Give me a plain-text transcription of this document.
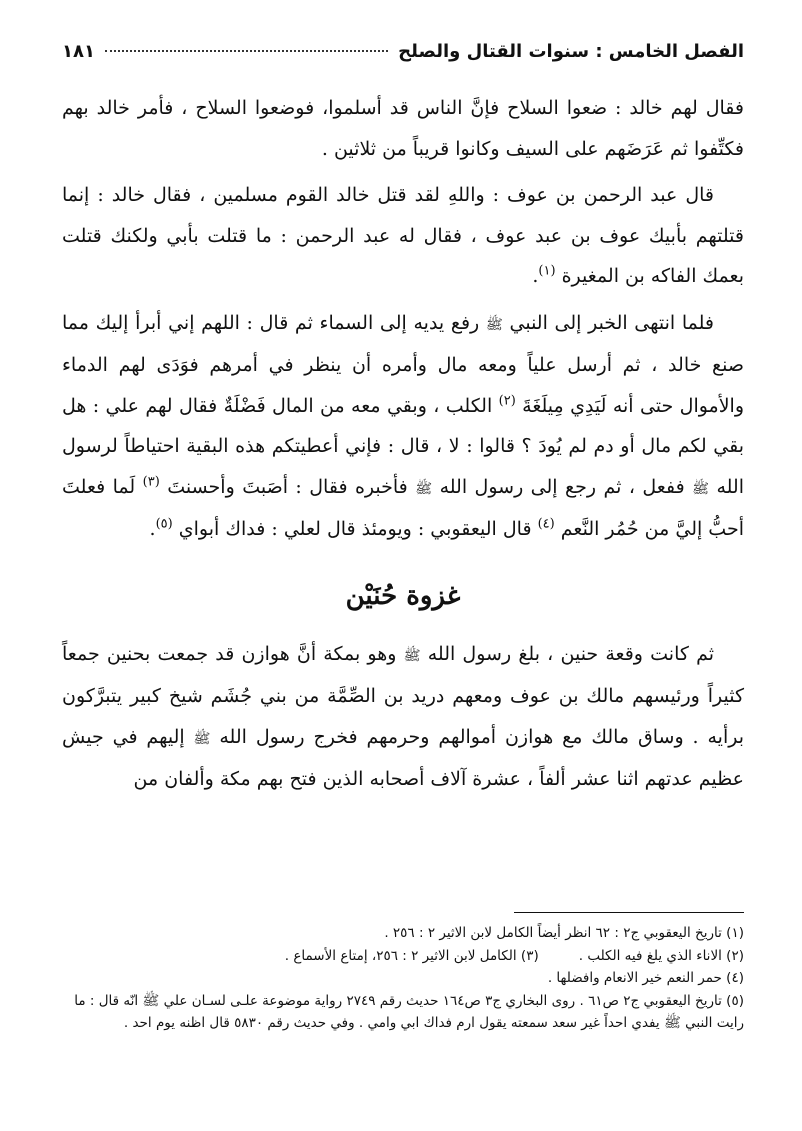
الفصل الخامس : سنوات القتال والصلح
١٨١

فقال لهم خالد : ضعوا السلاح فإنَّ الناس قد أسلموا، فوضعوا السلاح ، فأمر خالد بهم فكتِّفوا ثم عَرَضَهم على السيف وكانوا قريباً من ثلاثين .

قال عبد الرحمن بن عوف : واللهِ لقد قتل خالد القوم مسلمين ، فقال خالد : إنما قتلتهم بأبيك عوف بن عبد عوف ، فقال له عبد الرحمن : ما قتلت بأبي ولكنك قتلت بعمك الفاكه بن المغيرة $^{(١)}$.

فلما انتهى الخبر إلى النبي ﷺ رفع يديه إلى السماء ثم قال : اللهم إني أبرأ إليك مما صنع خالد ، ثم أرسل علياً ومعه مال وأمره أن ينظر في أمرهم فوَدَى لهم الدماء والأموال حتى أنه لَيَدِي مِيلَغَةَ $^{(٢)}$ الكلب ، وبقي معه من المال فَضْلَةٌ فقال لهم علي : هل بقي لكم مال أو دم لم يُودَ ؟ قالوا : لا ، قال : فإني أعطيتكم هذه البقية احتياطاً لرسول الله ﷺ ففعل ، ثم رجع إلى رسول الله ﷺ فأخبره فقال : أصَبتَ وأحسنتَ $^{(٣)}$ لَما فعلتَ أحبُّ إليَّ من حُمُر النَّعم $^{(٤)}$ قال اليعقوبي : ويومئذ قال لعلي : فداك أبواي $^{(٥)}$.

غزوة حُنَيْن

ثم كانت وقعة حنين ، بلغ رسول الله ﷺ وهو بمكة أنَّ هوازن قد جمعت بحنين جمعاً كثيراً ورئيسهم مالك بن عوف ومعهم دريد بن الصِّمَّة من بني جُشَم شيخ كبير يتبرَّكون برأيه . وساق مالك مع هوازن أموالهم وحرمهم فخرج رسول الله ﷺ إليهم في جيش عظيم عدتهم اثنا عشر ألفاً ، عشرة آلاف أصحابه الذين فتح بهم مكة وألفان من

(١) تاريخ اليعقوبي ج٢ : ٦٢ انظر أيضاً الكامل لابن الاثير ٢ : ٢٥٦ .

(٢) الاناء الذي يلغ فيه الكلب .

(٣) الكامل لابن الاثير ٢ : ٢٥٦، إمتاع الأسماع .

(٤) حمر النعم خير الانعام وافضلها .

(٥) تاريخ اليعقوبي ج٢ ص٦١ . روى البخاري ج٣ ص١٦٤ حديث رقم ٢٧٤٩ رواية موضوعة علـى لسـان علي ﷺ انّه قال : ما رايت النبي ﷺ يفدي احداً غير سعد سمعته يقول ارم فداك ابي وامي . وفي حديث رقم ٥٨٣٠ قال اظنه يوم احد .
